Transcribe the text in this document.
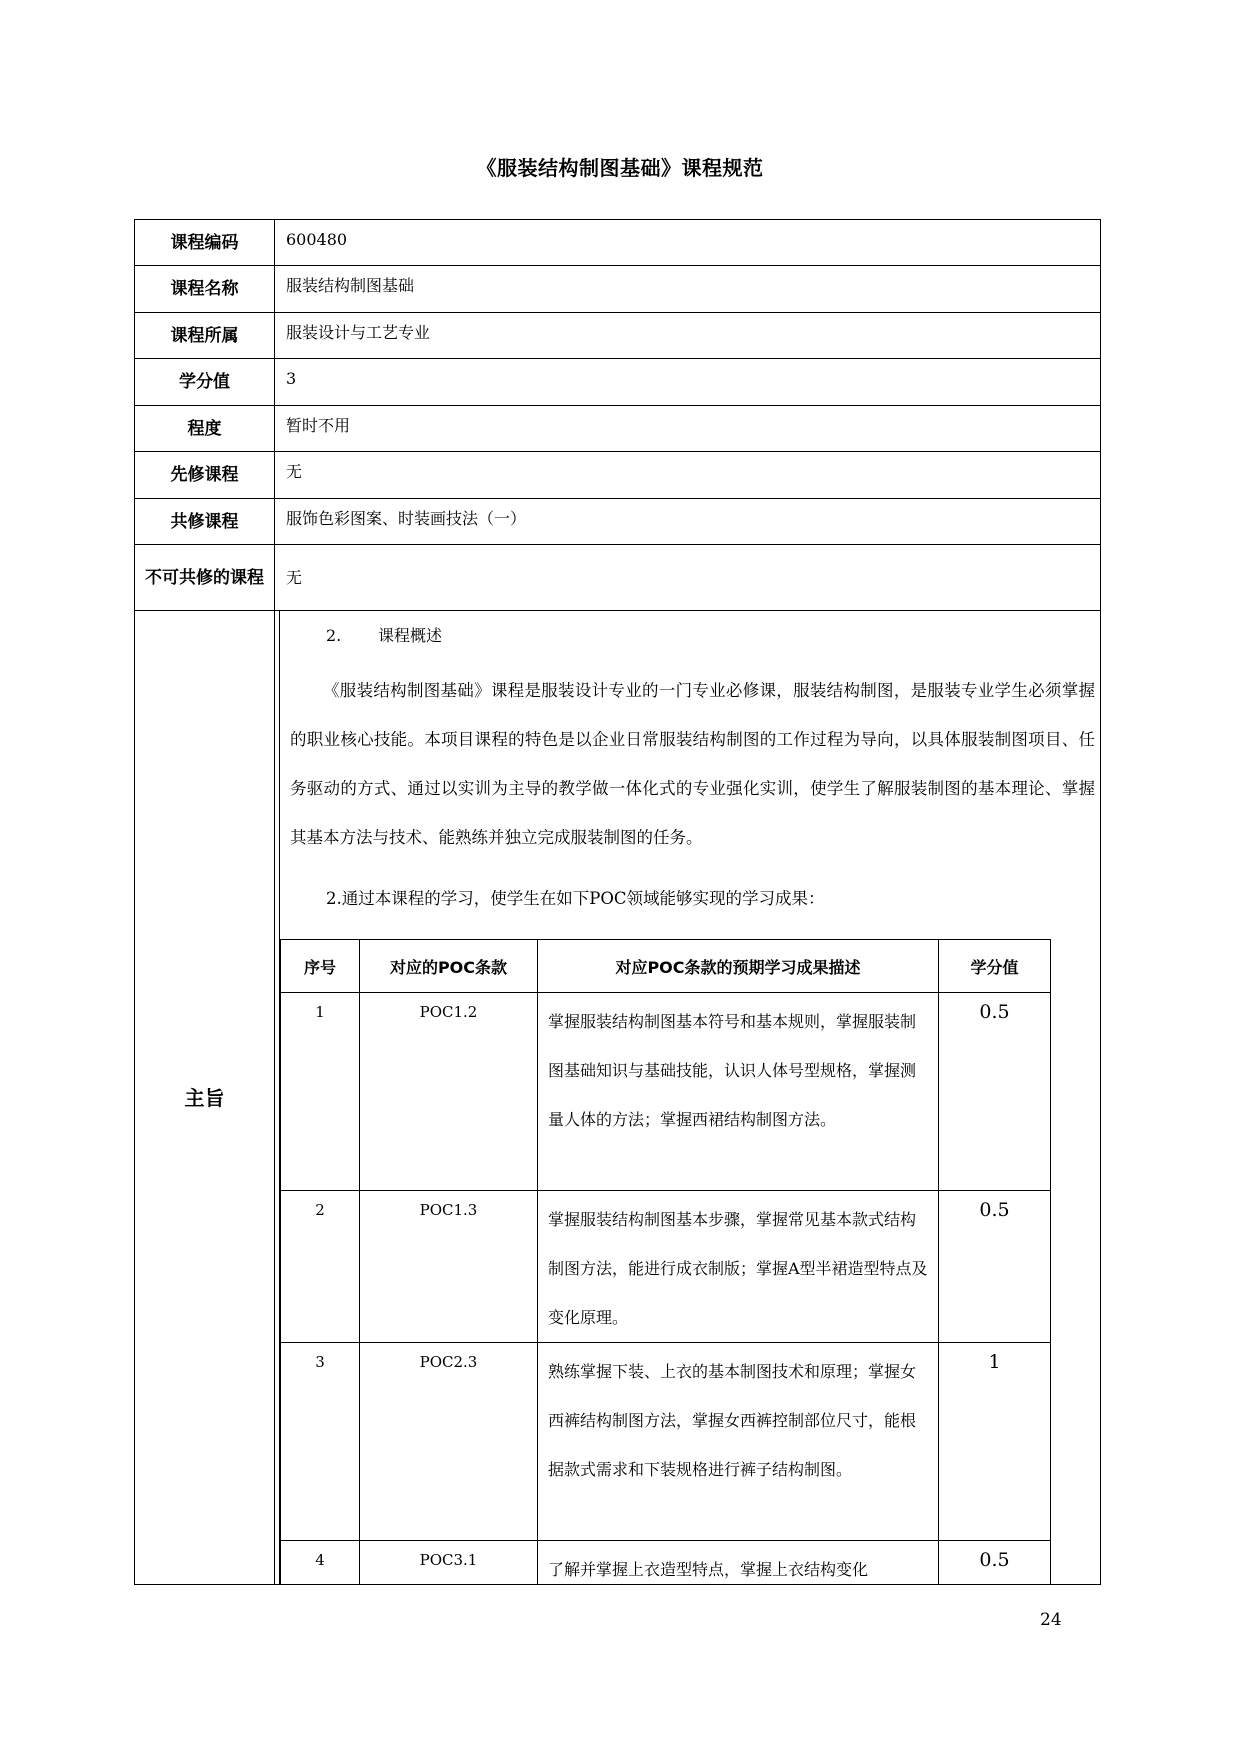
《服装结构制图基础》课程规范
课程编码	600480
课程名称	服装结构制图基础
课程所属	服装设计与工艺专业
学分值	3
程度	暂时不用
先修课程	无
共修课程	服饰色彩图案、时装画技法（一）
不可共修的课程	无
主旨	
2. 课程概述
《服装结构制图基础》课程是服装设计专业的一门专业必修课，服装结构制图，是服装专业学生必须掌握的职业核心技能。本项目课程的特色是以企业日常服装结构制图的工作过程为导向，以具体服装制图项目、任务驱动的方式、通过以实训为主导的教学做一体化式的专业强化实训，使学生了解服装制图的基本理论、掌握其基本方法与技术、能熟练并独立完成服装制图的任务。
2.通过本课程的学习，使学生在如下POC领域能够实现的学习成果：
序号	对应的POC条款	对应POC条款的预期学习成果描述	学分值
1	POC1.2	掌握服装结构制图基本符号和基本规则，掌握服装制图基础知识与基础技能，认识人体号型规格，掌握测量人体的方法；掌握西裙结构制图方法。	0.5
2	POC1.3	掌握服装结构制图基本步骤，掌握常见基本款式结构制图方法，能进行成衣制版；掌握A型半裙造型特点及变化原理。	0.5
3	POC2.3	熟练掌握下装、上衣的基本制图技术和原理；掌握女西裤结构制图方法，掌握女西裤控制部位尺寸，能根据款式需求和下装规格进行裤子结构制图。	1
4	POC3.1	了解并掌握上衣造型特点，掌握上衣结构变化	0.5
24
